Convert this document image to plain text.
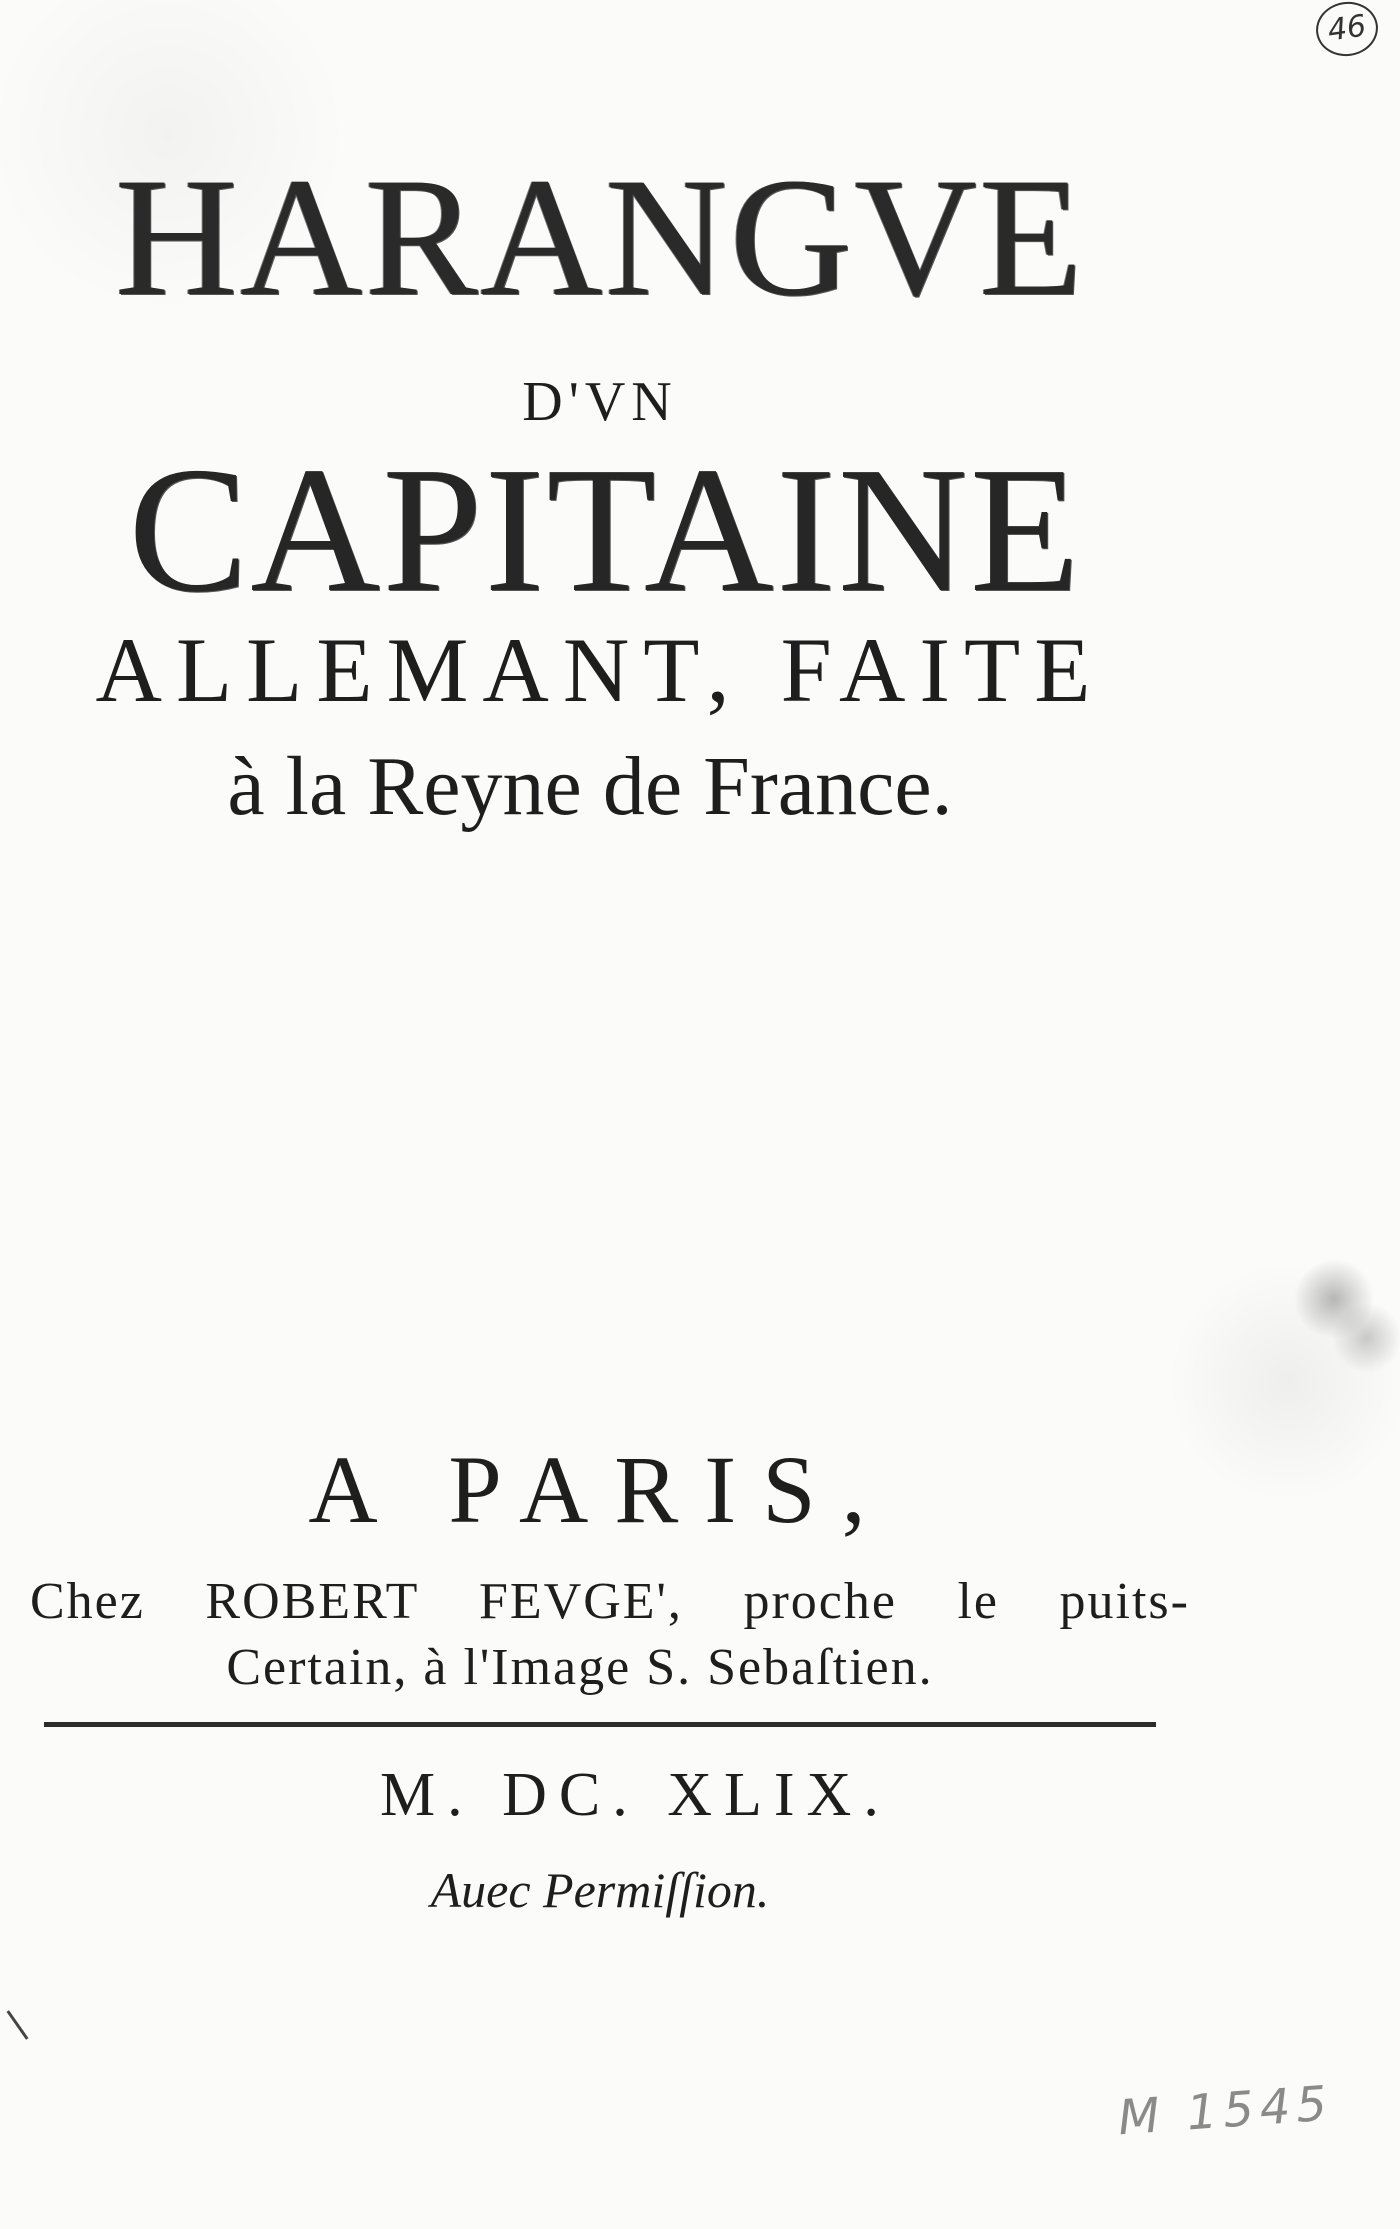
46
HARANGVE
D'VN
CAPITAINE
ALLEMANT, FAITE
à la Reyne de France.
A PARIS,
Chez ROBERT FEVGE', proche le puits-
Certain, à l'Image S. Sebaſtien.
M. DC. XLIX.
Auec Permiſſion.
M 1545
